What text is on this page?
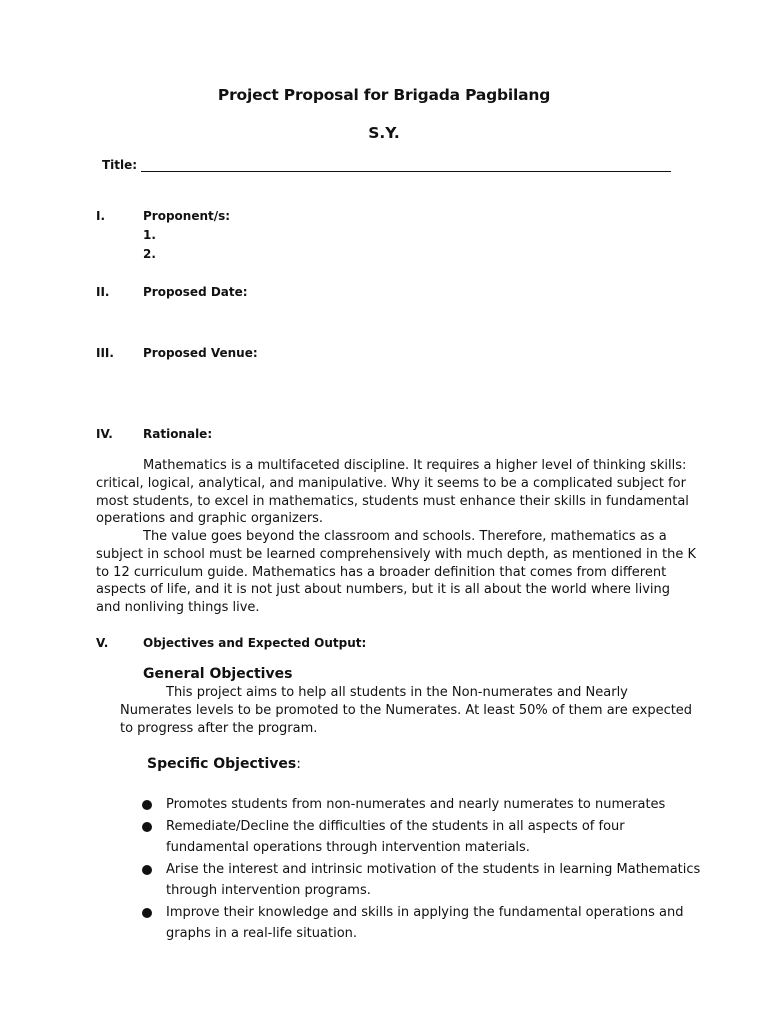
Project Proposal for Brigada Pagbilang
S.Y.
Title:
I.	Proponent/s:
1.
2.
II.	Proposed Date:
III. Proposed Venue:
IV.	Rationale:
Mathematics is a multifaceted discipline. It requires a higher level of thinking skills: critical, logical, analytical, and manipulative. Why it seems to be a complicated subject for most students, to excel in mathematics, students must enhance their skills in fundamental operations and graphic organizers.
The value goes beyond the classroom and schools. Therefore, mathematics as a subject in school must be learned comprehensively with much depth, as mentioned in the K to 12 curriculum guide. Mathematics has a broader definition that comes from different aspects of life, and it is not just about numbers, but it is all about the world where living and nonliving things live.
V.	Objectives and Expected Output:
General Objectives
This project aims to help all students in the Non-numerates and Nearly Numerates levels to be promoted to the Numerates. At least 50% of them are expected to progress after the program.
Specific Objectives:
Promotes students from non-numerates and nearly numerates to numerates
Remediate/Decline the difficulties of the students in all aspects of four fundamental operations through intervention materials.
Arise the interest and intrinsic motivation of the students in learning Mathematics through intervention programs.
Improve their knowledge and skills in applying the fundamental operations and graphs in a real-life situation.
